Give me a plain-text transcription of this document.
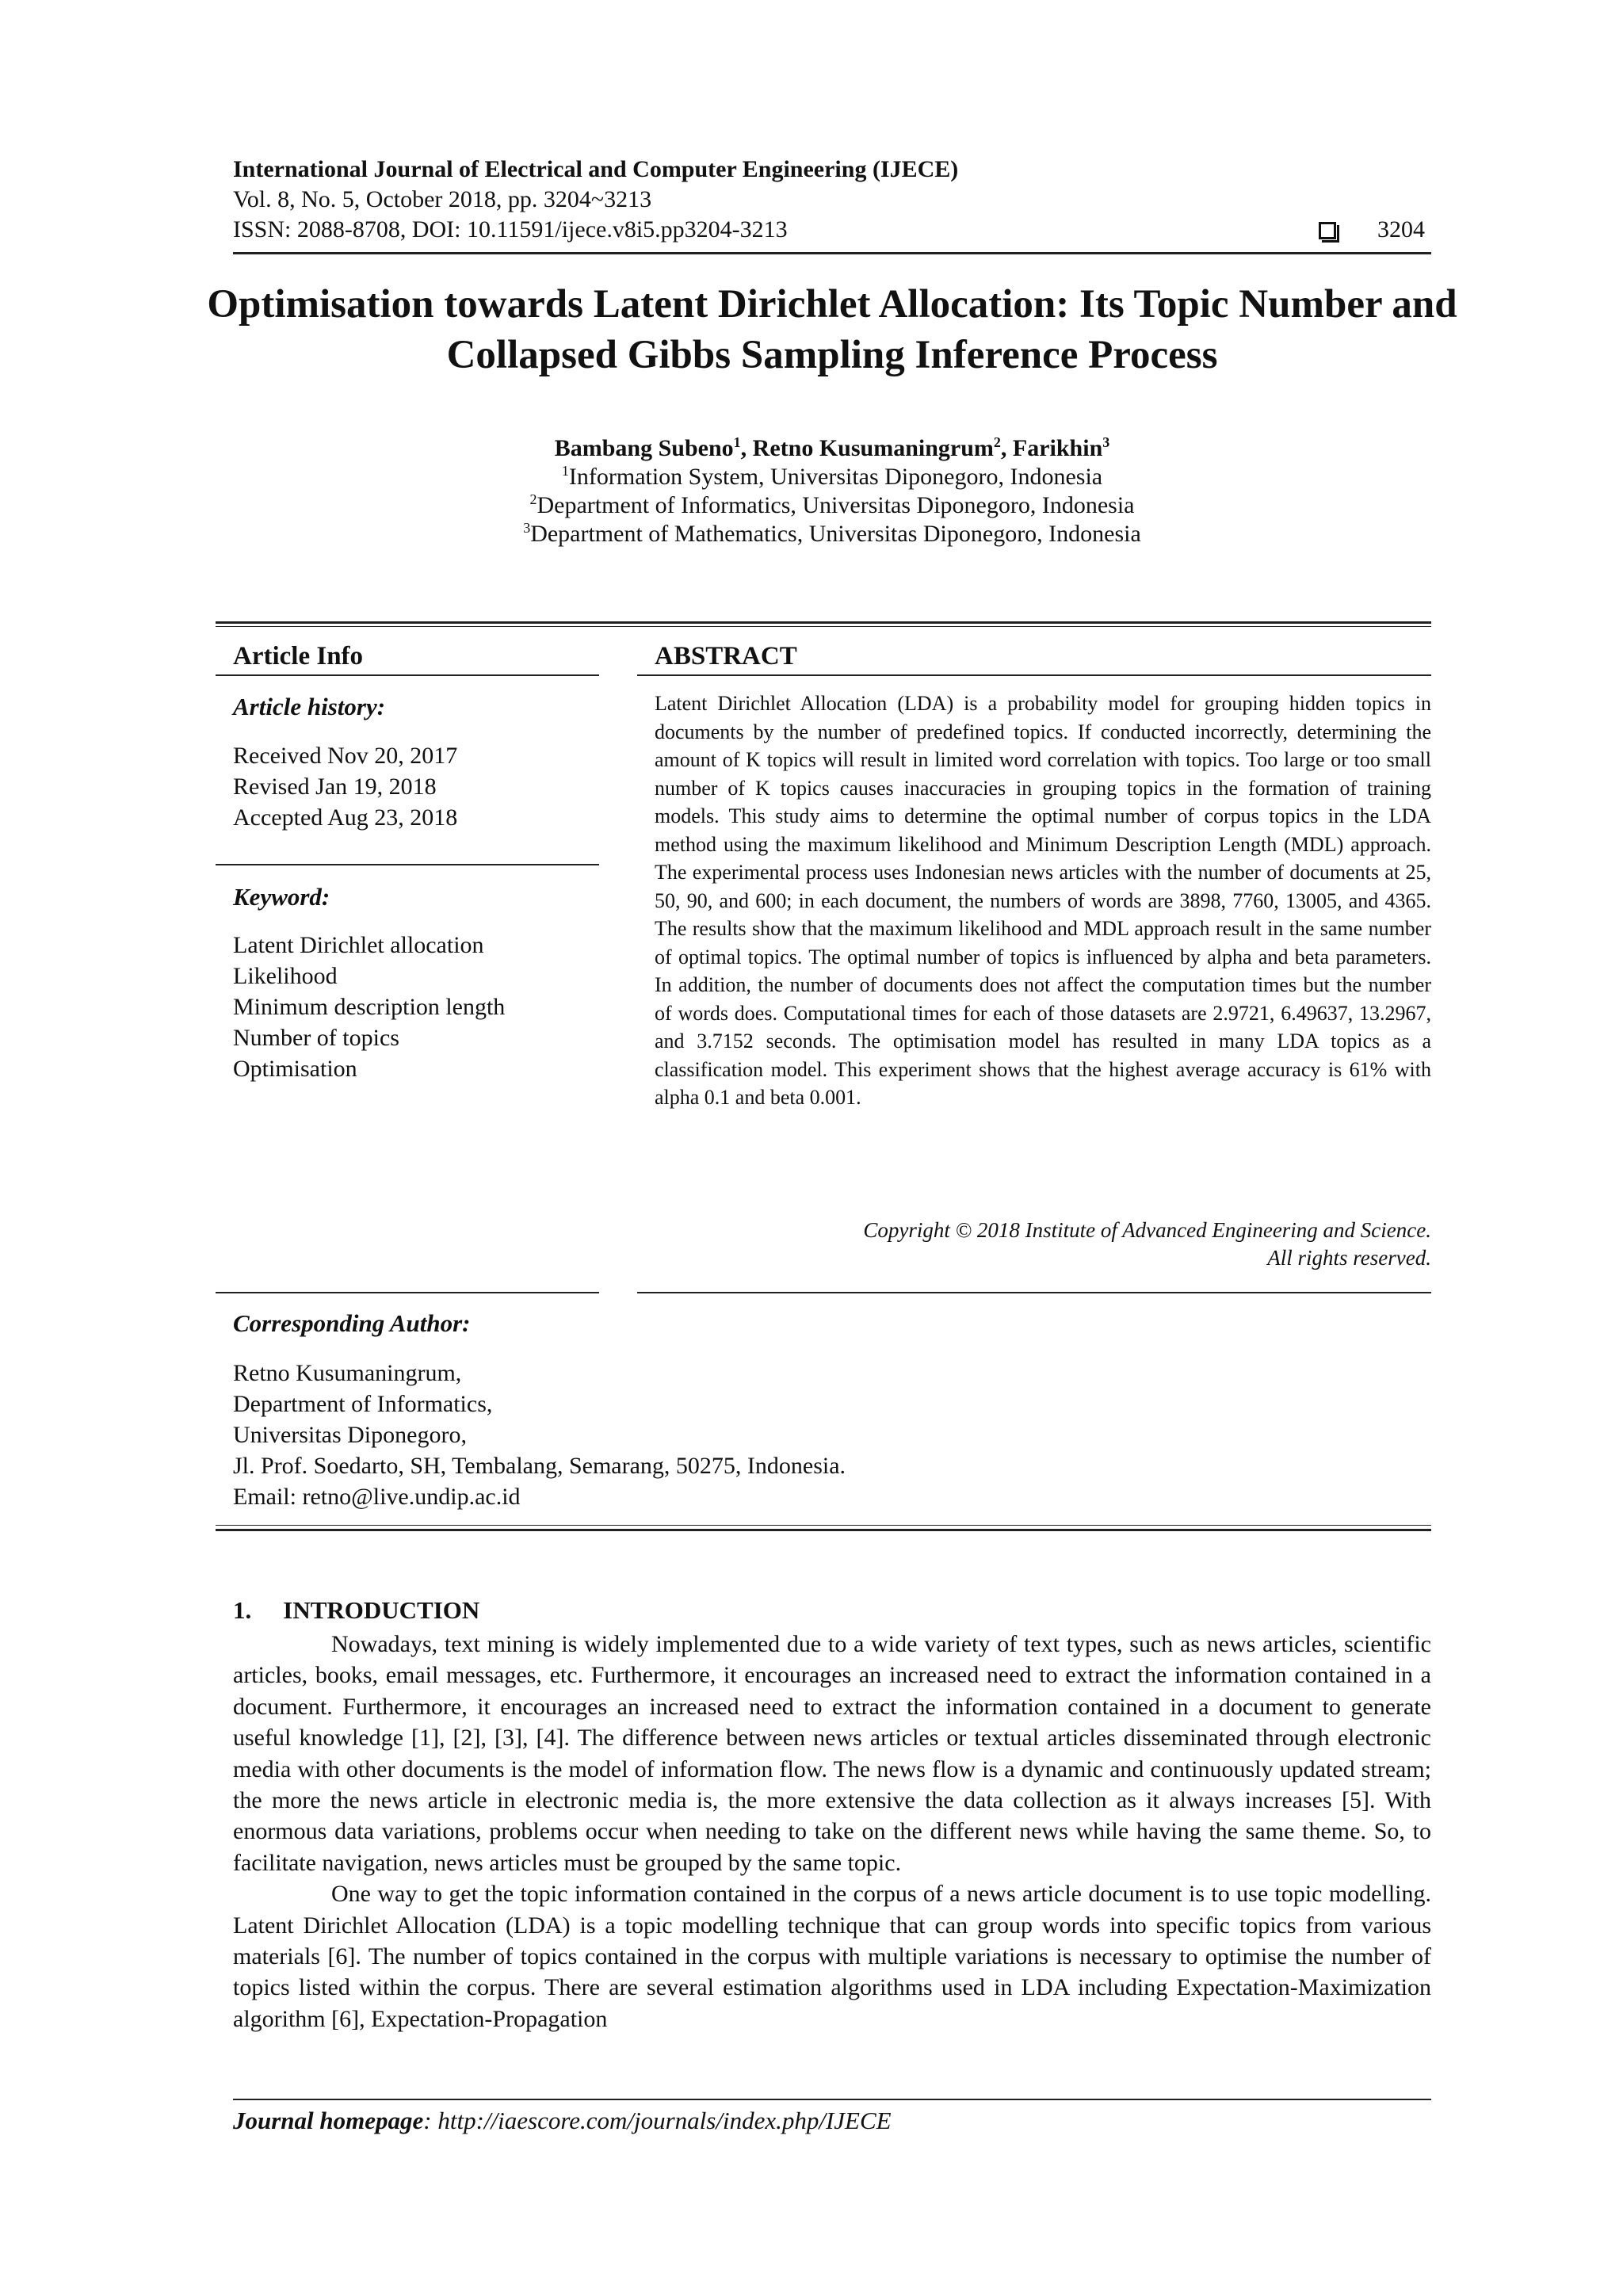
International Journal of Electrical and Computer Engineering (IJECE)
Vol. 8, No. 5, October 2018, pp. 3204~3213
ISSN: 2088-8708, DOI: 10.11591/ijece.v8i5.pp3204-3213	3204
Optimisation towards Latent Dirichlet Allocation: Its Topic Number and Collapsed Gibbs Sampling Inference Process
Bambang Subeno$^1$, Retno Kusumaningrum$^2$, Farikhin$^3$
$^1$Information System, Universitas Diponegoro, Indonesia
$^2$Department of Informatics, Universitas Diponegoro, Indonesia
$^3$Department of Mathematics, Universitas Diponegoro, Indonesia
Article Info
Article history:
Received Nov 20, 2017
Revised Jan 19, 2018
Accepted Aug 23, 2018
Keyword:
Latent Dirichlet allocation
Likelihood
Minimum description length
Number of topics
Optimisation
ABSTRACT
Latent Dirichlet Allocation (LDA) is a probability model for grouping hidden topics in documents by the number of predefined topics. If conducted incorrectly, determining the amount of K topics will result in limited word correlation with topics. Too large or too small number of K topics causes inaccuracies in grouping topics in the formation of training models. This study aims to determine the optimal number of corpus topics in the LDA method using the maximum likelihood and Minimum Description Length (MDL) approach. The experimental process uses Indonesian news articles with the number of documents at 25, 50, 90, and 600; in each document, the numbers of words are 3898, 7760, 13005, and 4365. The results show that the maximum likelihood and MDL approach result in the same number of optimal topics. The optimal number of topics is influenced by alpha and beta parameters. In addition, the number of documents does not affect the computation times but the number of words does. Computational times for each of those datasets are 2.9721, 6.49637, 13.2967, and 3.7152 seconds. The optimisation model has resulted in many LDA topics as a classification model. This experiment shows that the highest average accuracy is 61% with alpha 0.1 and beta 0.001.
Copyright © 2018 Institute of Advanced Engineering and Science.
All rights reserved.
Corresponding Author:
Retno Kusumaningrum,
Department of Informatics,
Universitas Diponegoro,
Jl. Prof. Soedarto, SH, Tembalang, Semarang, 50275, Indonesia.
Email: retno@live.undip.ac.id
1. INTRODUCTION

Nowadays, text mining is widely implemented due to a wide variety of text types, such as news articles, scientific articles, books, email messages, etc. Furthermore, it encourages an increased need to extract the information contained in a document. Furthermore, it encourages an increased need to extract the information contained in a document to generate useful knowledge [1], [2], [3], [4]. The difference between news articles or textual articles disseminated through electronic media with other documents is the model of information flow. The news flow is a dynamic and continuously updated stream; the more the news article in electronic media is, the more extensive the data collection as it always increases [5]. With enormous data variations, problems occur when needing to take on the different news while having the same theme. So, to facilitate navigation, news articles must be grouped by the same topic.

One way to get the topic information contained in the corpus of a news article document is to use topic modelling. Latent Dirichlet Allocation (LDA) is a topic modelling technique that can group words into specific topics from various materials [6]. The number of topics contained in the corpus with multiple variations is necessary to optimise the number of topics listed within the corpus. There are several estimation algorithms used in LDA including Expectation-Maximization algorithm [6], Expectation-Propagation

Journal homepage: http://iaescore.com/journals/index.php/IJECE
